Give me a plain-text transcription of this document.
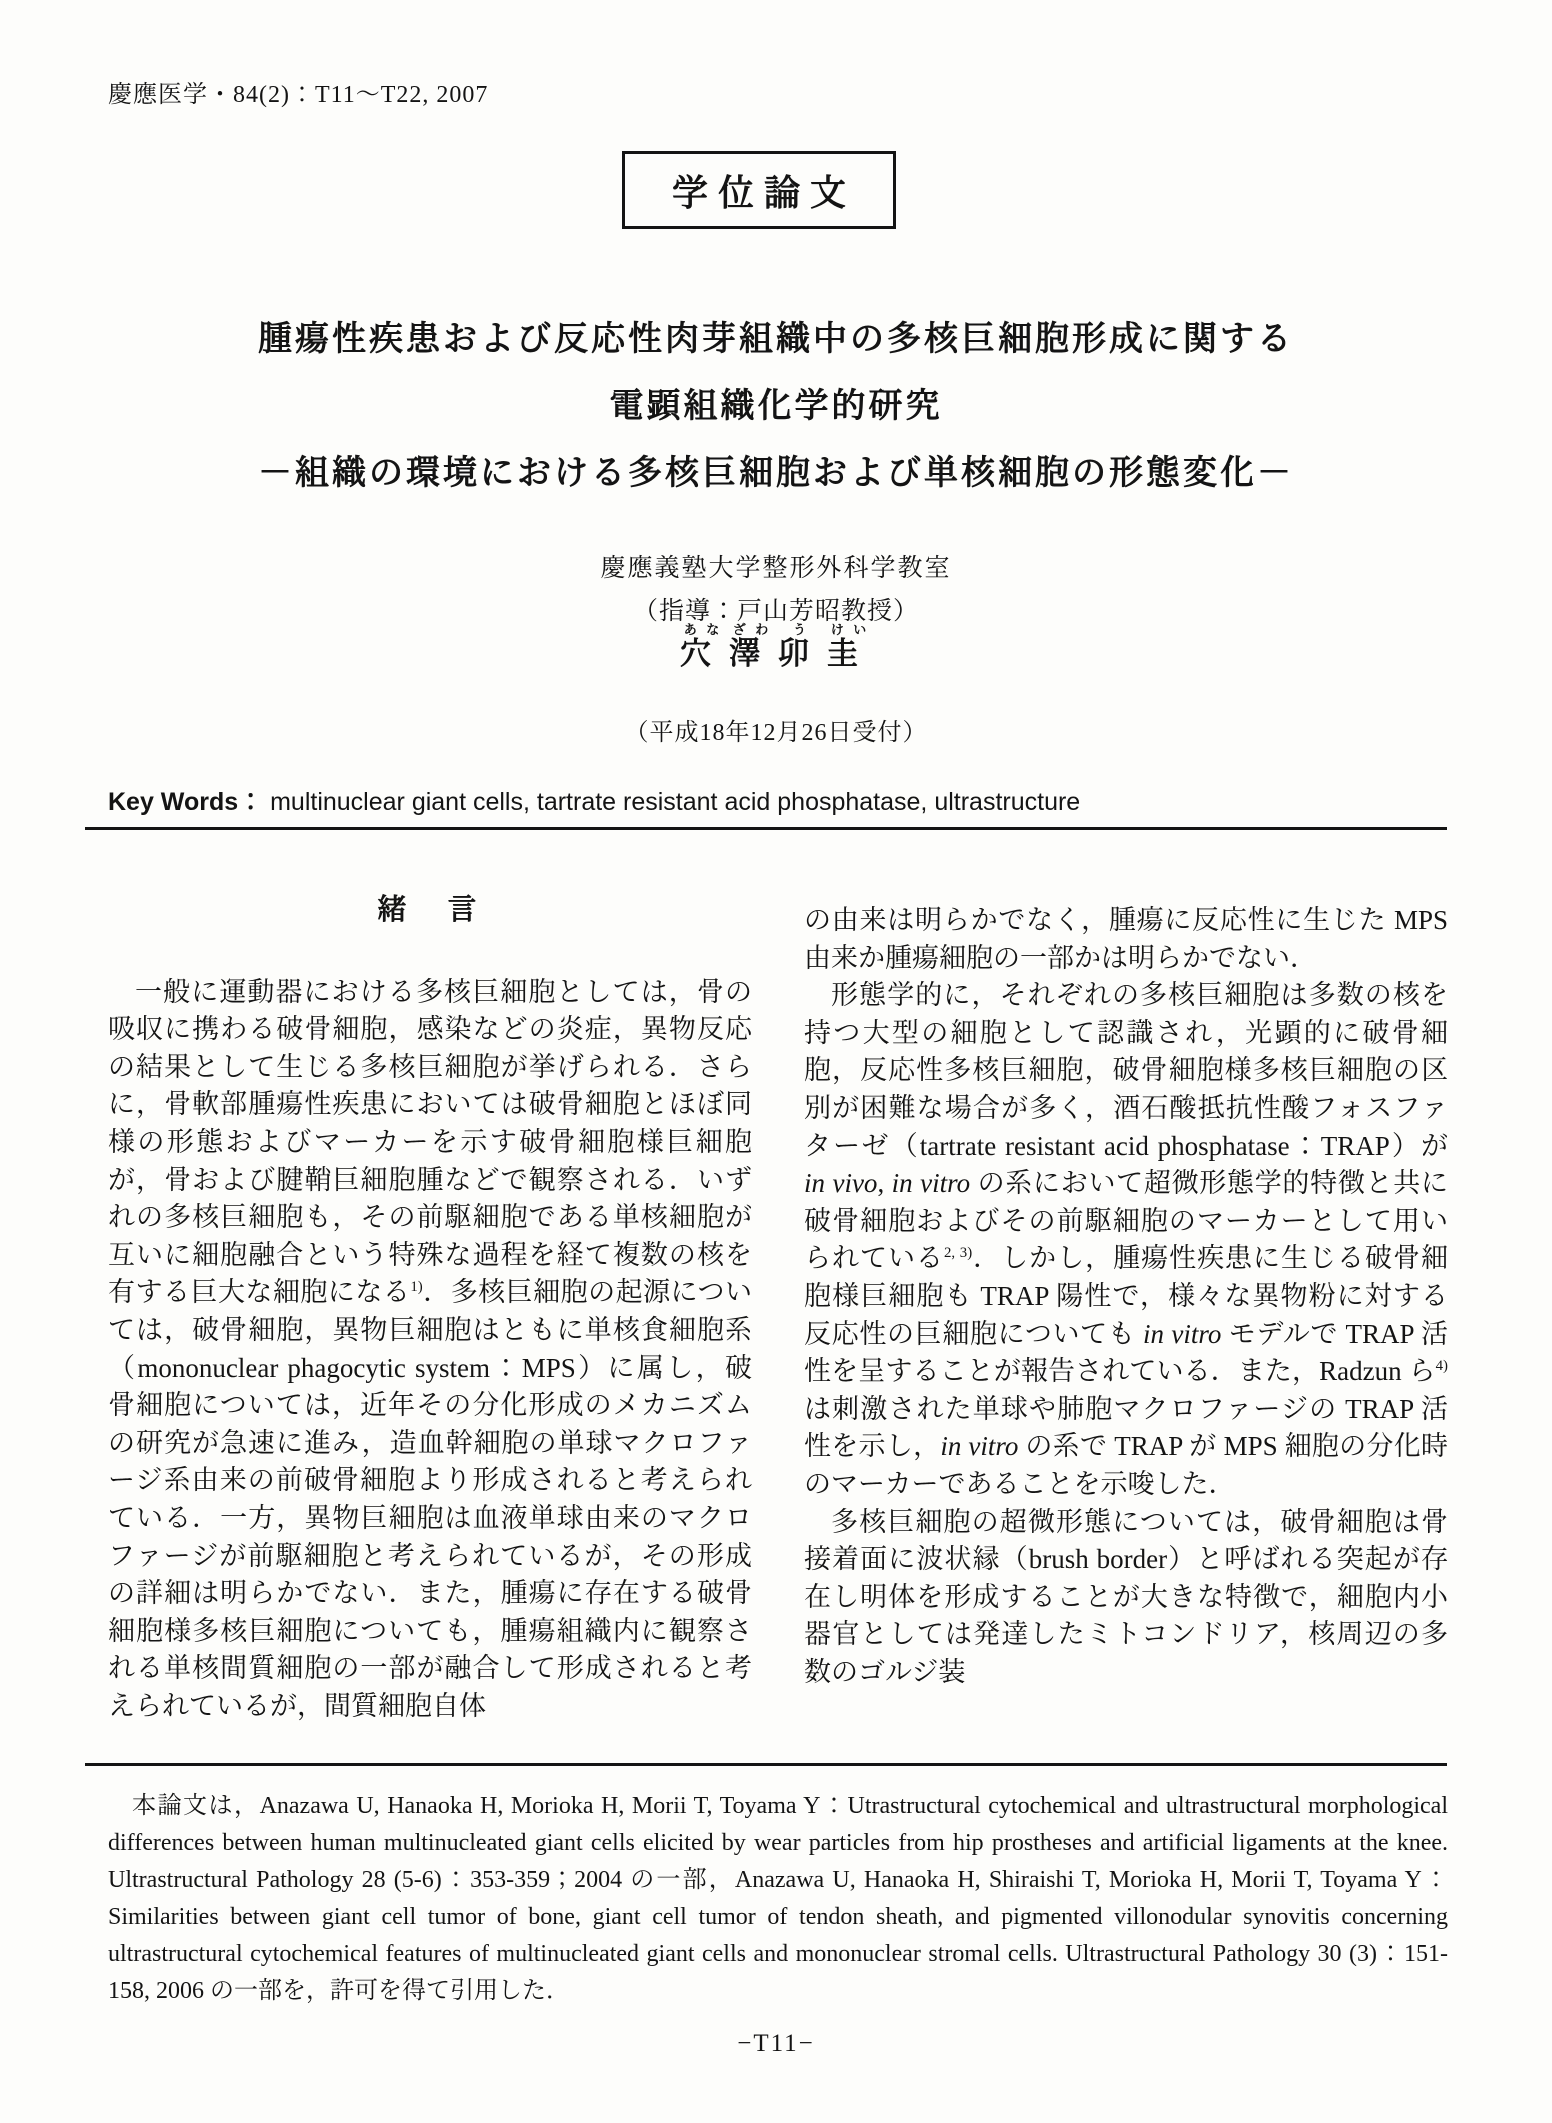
慶應医学・84(2)：T11～T22, 2007
学位論文
腫瘍性疾患および反応性肉芽組織中の多核巨細胞形成に関する
電顕組織化学的研究
－組織の環境における多核巨細胞および単核細胞の形態変化－
慶應義塾大学整形外科学教室
（指導：戸山芳昭教授）
穴あな澤ざわ卯う圭けい
（平成18年12月26日受付）
Key Words： multinuclear giant cells, tartrate resistant acid phosphatase, ultrastructure
緒　言

一般に運動器における多核巨細胞としては，骨の吸収に携わる破骨細胞，感染などの炎症，異物反応の結果として生じる多核巨細胞が挙げられる．さらに，骨軟部腫瘍性疾患においては破骨細胞とほぼ同様の形態およびマーカーを示す破骨細胞様巨細胞が，骨および腱鞘巨細胞腫などで観察される．いずれの多核巨細胞も，その前駆細胞である単核細胞が互いに細胞融合という特殊な過程を経て複数の核を有する巨大な細胞になる$^{1)}$．多核巨細胞の起源については，破骨細胞，異物巨細胞はともに単核食細胞系（mononuclear phagocytic system：MPS）に属し，破骨細胞については，近年その分化形成のメカニズムの研究が急速に進み，造血幹細胞の単球マクロファージ系由来の前破骨細胞より形成されると考えられている．一方，異物巨細胞は血液単球由来のマクロファージが前駆細胞と考えられているが，その形成の詳細は明らかでない．また，腫瘍に存在する破骨細胞様多核巨細胞についても，腫瘍組織内に観察される単核間質細胞の一部が融合して形成されると考えられているが，間質細胞自体

の由来は明らかでなく，腫瘍に反応性に生じた MPS 由来か腫瘍細胞の一部かは明らかでない．

形態学的に，それぞれの多核巨細胞は多数の核を持つ大型の細胞として認識され，光顕的に破骨細胞，反応性多核巨細胞，破骨細胞様多核巨細胞の区別が困難な場合が多く，酒石酸抵抗性酸フォスファターゼ（tartrate resistant acid phosphatase：TRAP）が in vivo, in vitro の系において超微形態学的特徴と共に破骨細胞およびその前駆細胞のマーカーとして用いられている$^{2, 3)}$．しかし，腫瘍性疾患に生じる破骨細胞様巨細胞も TRAP 陽性で，様々な異物粉に対する反応性の巨細胞についても in vitro モデルで TRAP 活性を呈することが報告されている．また，Radzun ら$^{4)}$は刺激された単球や肺胞マクロファージの TRAP 活性を示し，in vitro の系で TRAP が MPS 細胞の分化時のマーカーであることを示唆した．

多核巨細胞の超微形態については，破骨細胞は骨接着面に波状縁（brush border）と呼ばれる突起が存在し明体を形成することが大きな特徴で，細胞内小器官としては発達したミトコンドリア，核周辺の多数のゴルジ装

本論文は，Anazawa U, Hanaoka H, Morioka H, Morii T, Toyama Y：Utrastructural cytochemical and ultrastructural morphological differences between human multinucleated giant cells elicited by wear particles from hip prostheses and artificial ligaments at the knee. Ultrastructural Pathology 28 (5-6)：353-359；2004 の一部，Anazawa U, Hanaoka H, Shiraishi T, Morioka H, Morii T, Toyama Y：Similarities between giant cell tumor of bone, giant cell tumor of tendon sheath, and pigmented villonodular synovitis concerning ultrastructural cytochemical features of multinucleated giant cells and mononuclear stromal cells. Ultrastructural Pathology 30 (3)：151-158, 2006 の一部を，許可を得て引用した．
−T11−
